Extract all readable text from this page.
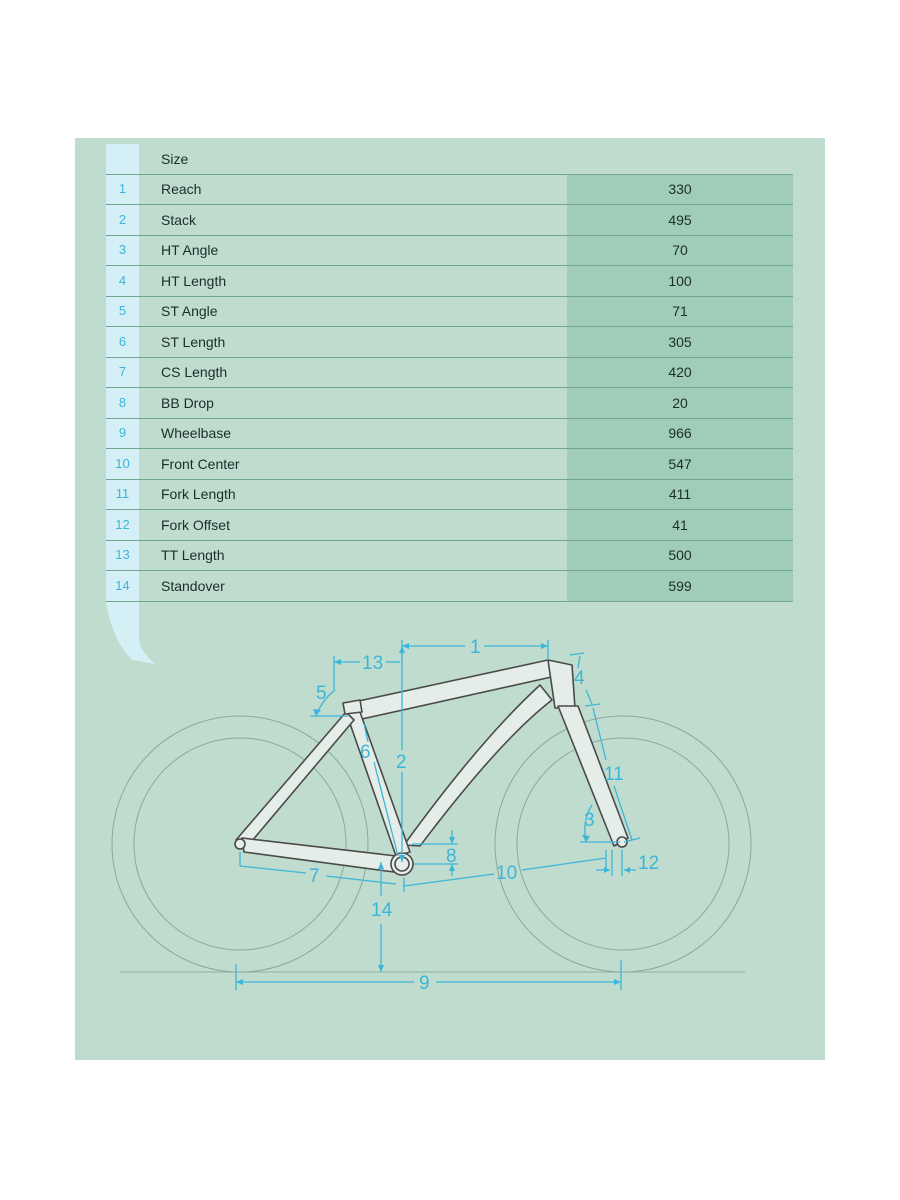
Size
1	Reach	330
2	Stack	495
3	HT Angle	70
4	HT Length	100
5	ST Angle	71
6	ST Length	305
7	CS Length	420
8	BB Drop	20
9	Wheelbase	966
10	Front Center	547
11	Fork Length	411
12	Fork Offset	41
13	TT Length	500
14	Standover	599
1
13
5
4
2
6
11
3
8	12
10
7
14
9
